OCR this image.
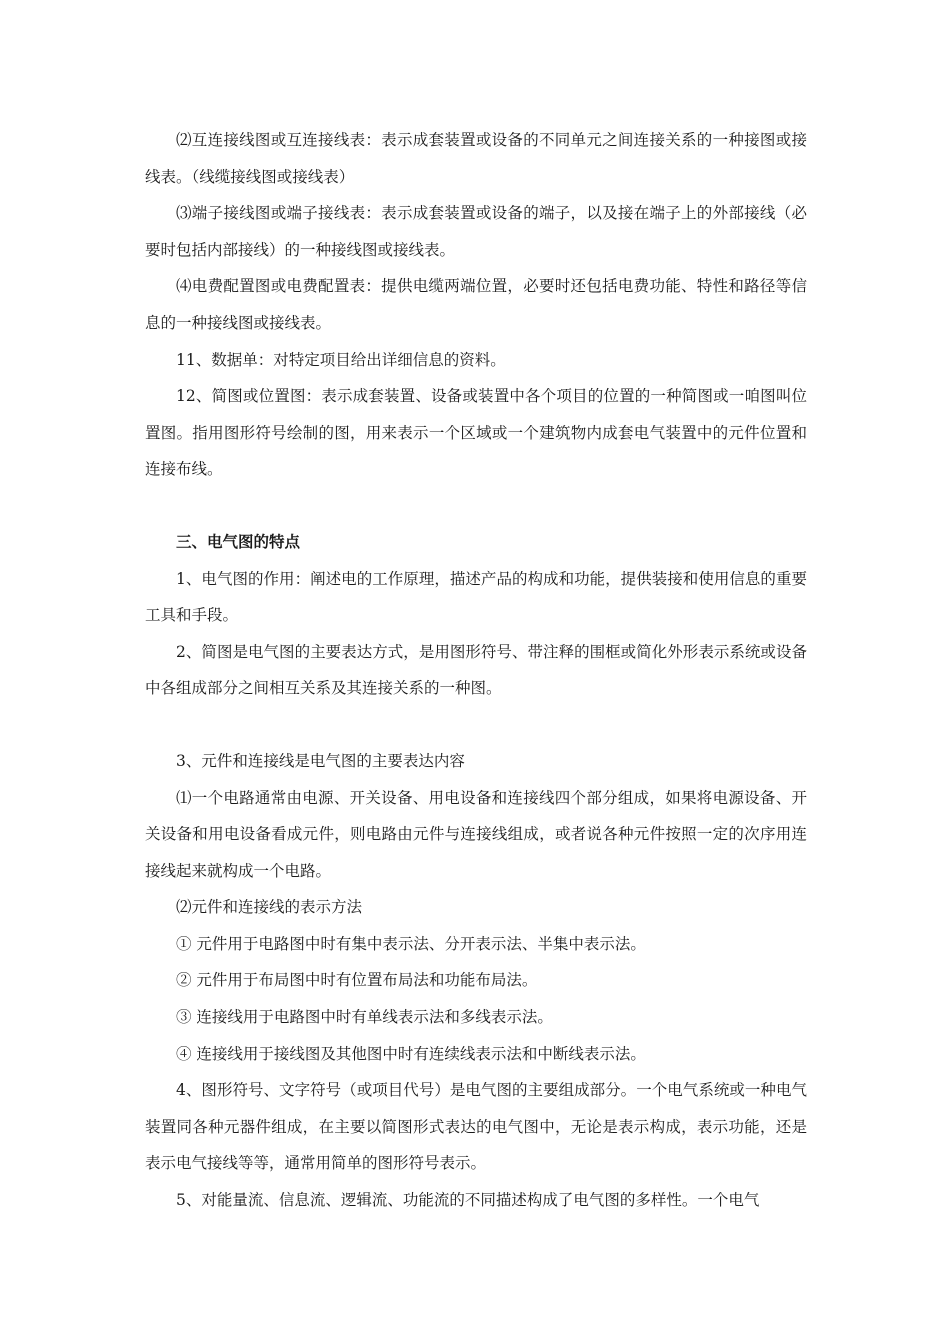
⑵互连接线图或互连接线表：表示成套装置或设备的不同单元之间连接关系的一种接图或接线表。（线缆接线图或接线表）

⑶端子接线图或端子接线表：表示成套装置或设备的端子，以及接在端子上的外部接线（必要时包括内部接线）的一种接线图或接线表。

⑷电费配置图或电费配置表：提供电缆两端位置，必要时还包括电费功能、特性和路径等信息的一种接线图或接线表。

11、数据单：对特定项目给出详细信息的资料。

12、简图或位置图：表示成套装置、设备或装置中各个项目的位置的一种简图或一咱图叫位置图。指用图形符号绘制的图，用来表示一个区域或一个建筑物内成套电气装置中的元件位置和连接布线。

三、电气图的特点

1、电气图的作用：阐述电的工作原理，描述产品的构成和功能，提供装接和使用信息的重要工具和手段。

2、简图是电气图的主要表达方式，是用图形符号、带注释的围框或简化外形表示系统或设备中各组成部分之间相互关系及其连接关系的一种图。

3、元件和连接线是电气图的主要表达内容

⑴一个电路通常由电源、开关设备、用电设备和连接线四个部分组成，如果将电源设备、开关设备和用电设备看成元件，则电路由元件与连接线组成，或者说各种元件按照一定的次序用连接线起来就构成一个电路。

⑵元件和连接线的表示方法

① 元件用于电路图中时有集中表示法、分开表示法、半集中表示法。

② 元件用于布局图中时有位置布局法和功能布局法。

③ 连接线用于电路图中时有单线表示法和多线表示法。

④ 连接线用于接线图及其他图中时有连续线表示法和中断线表示法。

4、图形符号、文字符号（或项目代号）是电气图的主要组成部分。一个电气系统或一种电气装置同各种元器件组成，在主要以简图形式表达的电气图中，无论是表示构成，表示功能，还是表示电气接线等等，通常用简单的图形符号表示。

5、对能量流、信息流、逻辑流、功能流的不同描述构成了电气图的多样性。一个电气
